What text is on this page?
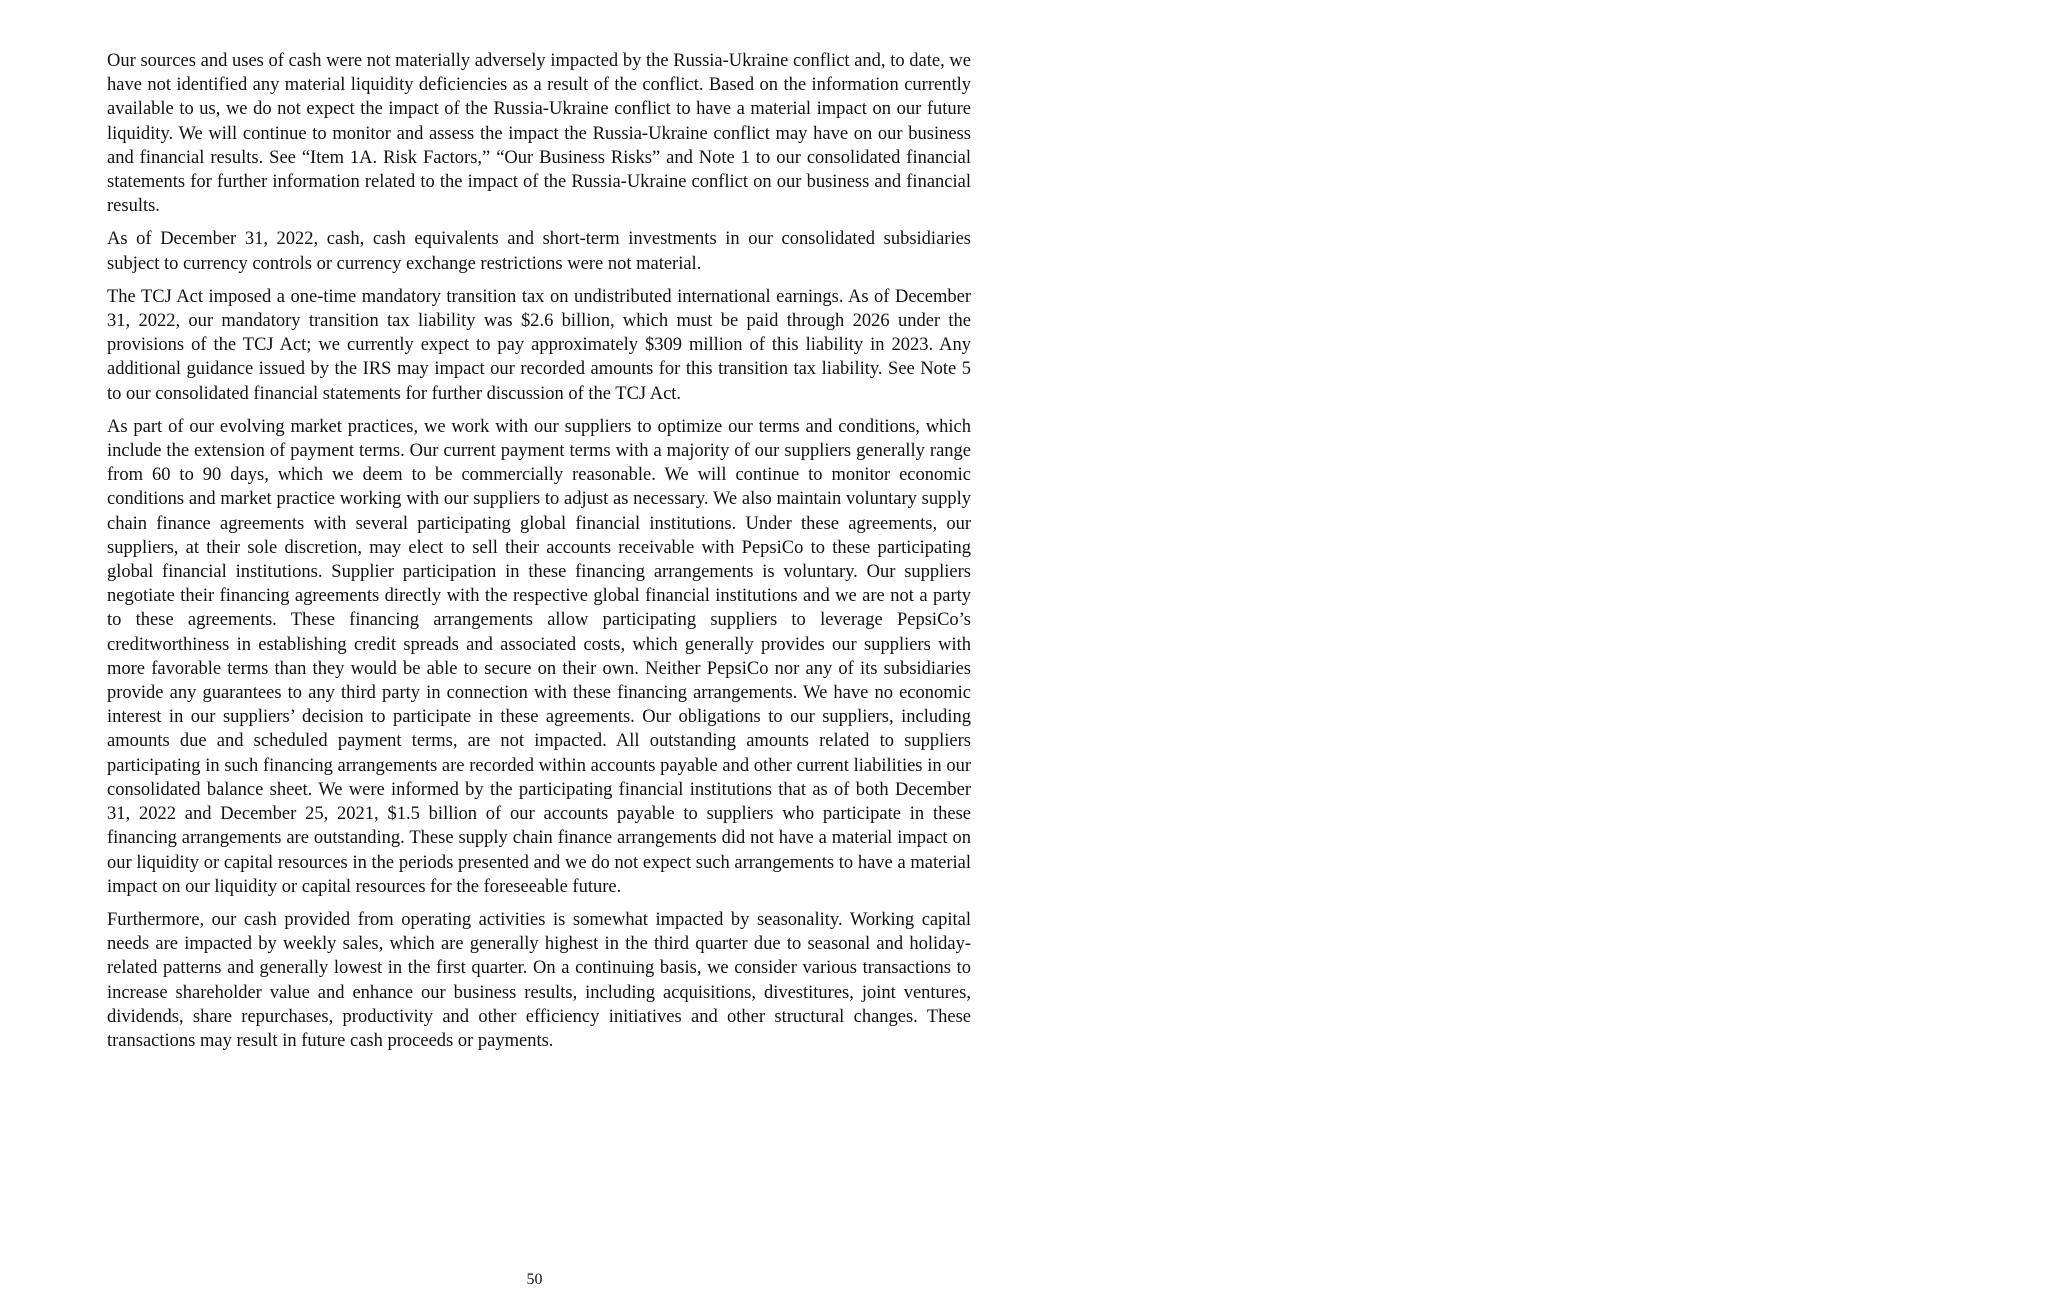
Our sources and uses of cash were not materially adversely impacted by the Russia-Ukraine conflict and, to date, we have not identified any material liquidity deficiencies as a result of the conflict. Based on the information currently available to us, we do not expect the impact of the Russia-Ukraine conflict to have a material impact on our future liquidity. We will continue to monitor and assess the impact the Russia-Ukraine conflict may have on our business and financial results. See “Item 1A. Risk Factors,” “Our Business Risks” and Note 1 to our consolidated financial statements for further information related to the impact of the Russia-Ukraine conflict on our business and financial results.

As of December 31, 2022, cash, cash equivalents and short-term investments in our consolidated subsidiaries subject to currency controls or currency exchange restrictions were not material.

The TCJ Act imposed a one-time mandatory transition tax on undistributed international earnings. As of December 31, 2022, our mandatory transition tax liability was $2.6 billion, which must be paid through 2026 under the provisions of the TCJ Act; we currently expect to pay approximately $309 million of this liability in 2023. Any additional guidance issued by the IRS may impact our recorded amounts for this transition tax liability. See Note 5 to our consolidated financial statements for further discussion of the TCJ Act.

As part of our evolving market practices, we work with our suppliers to optimize our terms and conditions, which include the extension of payment terms. Our current payment terms with a majority of our suppliers generally range from 60 to 90 days, which we deem to be commercially reasonable. We will continue to monitor economic conditions and market practice working with our suppliers to adjust as necessary. We also maintain voluntary supply chain finance agreements with several participating global financial institutions. Under these agreements, our suppliers, at their sole discretion, may elect to sell their accounts receivable with PepsiCo to these participating global financial institutions. Supplier participation in these financing arrangements is voluntary. Our suppliers negotiate their financing agreements directly with the respective global financial institutions and we are not a party to these agreements. These financing arrangements allow participating suppliers to leverage PepsiCo’s creditworthiness in establishing credit spreads and associated costs, which generally provides our suppliers with more favorable terms than they would be able to secure on their own. Neither PepsiCo nor any of its subsidiaries provide any guarantees to any third party in connection with these financing arrangements. We have no economic interest in our suppliers’ decision to participate in these agreements. Our obligations to our suppliers, including amounts due and scheduled payment terms, are not impacted. All outstanding amounts related to suppliers participating in such financing arrangements are recorded within accounts payable and other current liabilities in our consolidated balance sheet. We were informed by the participating financial institutions that as of both December 31, 2022 and December 25, 2021, $1.5 billion of our accounts payable to suppliers who participate in these financing arrangements are outstanding. These supply chain finance arrangements did not have a material impact on our liquidity or capital resources in the periods presented and we do not expect such arrangements to have a material impact on our liquidity or capital resources for the foreseeable future.

Furthermore, our cash provided from operating activities is somewhat impacted by seasonality. Working capital needs are impacted by weekly sales, which are generally highest in the third quarter due to seasonal and holiday-related patterns and generally lowest in the first quarter. On a continuing basis, we consider various transactions to increase shareholder value and enhance our business results, including acquisitions, divestitures, joint ventures, dividends, share repurchases, productivity and other efficiency initiatives and other structural changes. These transactions may result in future cash proceeds or payments.

50
